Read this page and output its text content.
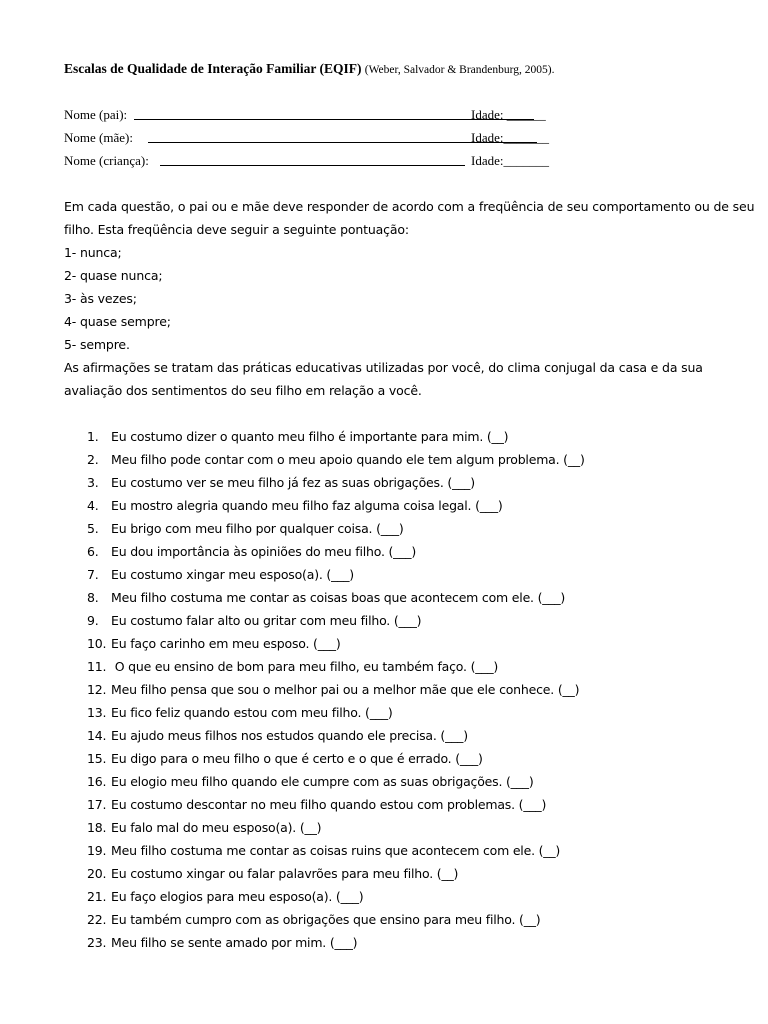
Escalas de Qualidade de Interação Familiar (EQIF) (Weber, Salvador & Brandenburg, 2005).
Nome (pai):	Idade: ______
Nome (mãe):	Idade:_______
Nome (criança):	Idade:_______
Em cada questão, o pai ou e mãe deve responder de acordo com a freqüência de seu comportamento ou de seu
filho. Esta freqüência deve seguir a seguinte pontuação:
1- nunca;
2- quase nunca;
3- às vezes;
4- quase sempre;
5- sempre.
As afirmações se tratam das práticas educativas utilizadas por você, do clima conjugal da casa e da sua
avaliação dos sentimentos do seu filho em relação a você.
1. Eu costumo dizer o quanto meu filho é importante para mim. (__)
2. Meu filho pode contar com o meu apoio quando ele tem algum problema. (__)
3. Eu costumo ver se meu filho já fez as suas obrigações. (___)
4. Eu mostro alegria quando meu filho faz alguma coisa legal. (___)
5. Eu brigo com meu filho por qualquer coisa. (___)
6. Eu dou importância às opiniões do meu filho. (___)
7. Eu costumo xingar meu esposo(a). (___)
8. Meu filho costuma me contar as coisas boas que acontecem com ele. (___)
9. Eu costumo falar alto ou gritar com meu filho. (___)
10. Eu faço carinho em meu esposo. (___)
11. O que eu ensino de bom para meu filho, eu também faço. (___)
12. Meu filho pensa que sou o melhor pai ou a melhor mãe que ele conhece. (__)
13. Eu fico feliz quando estou com meu filho. (___)
14. Eu ajudo meus filhos nos estudos quando ele precisa. (___)
15. Eu digo para o meu filho o que é certo e o que é errado. (___)
16. Eu elogio meu filho quando ele cumpre com as suas obrigações. (___)
17. Eu costumo descontar no meu filho quando estou com problemas. (___)
18. Eu falo mal do meu esposo(a). (__)
19. Meu filho costuma me contar as coisas ruins que acontecem com ele. (__)
20. Eu costumo xingar ou falar palavrões para meu filho. (__)
21. Eu faço elogios para meu esposo(a). (___)
22. Eu também cumpro com as obrigações que ensino para meu filho. (__)
23. Meu filho se sente amado por mim. (___)
